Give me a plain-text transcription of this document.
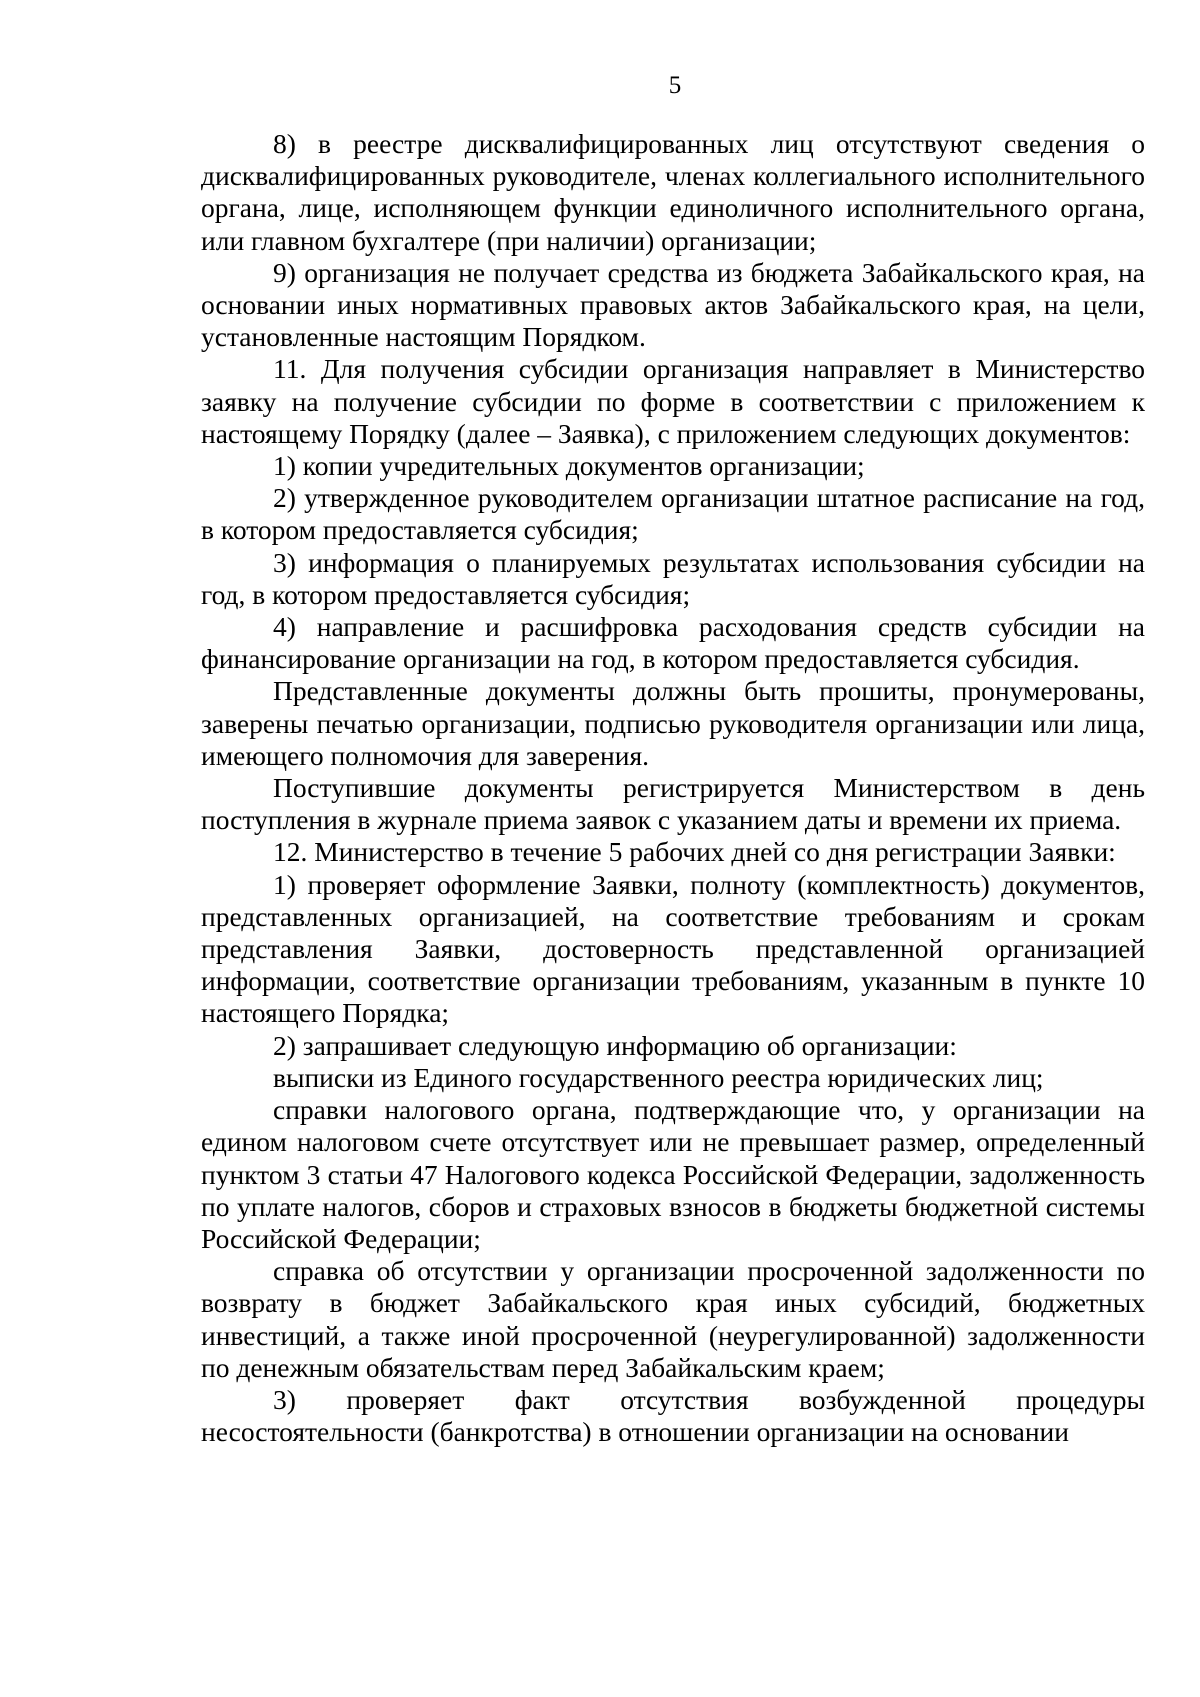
5

8) в реестре дисквалифицированных лиц отсутствуют сведения о дисквалифицированных руководителе, членах коллегиального исполнительного органа, лице, исполняющем функции единоличного исполнительного органа, или главном бухгалтере (при наличии) организации;

9) организация не получает средства из бюджета Забайкальского края, на основании иных нормативных правовых актов Забайкальского края, на цели, установленные настоящим Порядком.

11. Для получения субсидии организация направляет в Министерство заявку на получение субсидии по форме в соответствии с приложением к настоящему Порядку (далее – Заявка), с приложением следующих документов:

1) копии учредительных документов организации;

2) утвержденное руководителем организации штатное расписание на год, в котором предоставляется субсидия;

3) информация о планируемых результатах использования субсидии на год, в котором предоставляется субсидия;

4) направление и расшифровка расходования средств субсидии на финансирование организации на год, в котором предоставляется субсидия.

Представленные документы должны быть прошиты, пронумерованы, заверены печатью организации, подписью руководителя организации или лица, имеющего полномочия для заверения.

Поступившие документы регистрируется Министерством в день поступления в журнале приема заявок с указанием даты и времени их приема.

12. Министерство в течение 5 рабочих дней со дня регистрации Заявки:

1) проверяет оформление Заявки, полноту (комплектность) документов, представленных организацией, на соответствие требованиям и срокам представления Заявки, достоверность представленной организацией информации, соответствие организации требованиям, указанным в пункте 10 настоящего Порядка;

2) запрашивает следующую информацию об организации:

выписки из Единого государственного реестра юридических лиц;

справки налогового органа, подтверждающие что, у организации на едином налоговом счете отсутствует или не превышает размер, определенный пунктом 3 статьи 47 Налогового кодекса Российской Федерации, задолженность по уплате налогов, сборов и страховых взносов в бюджеты бюджетной системы Российской Федерации;

справка об отсутствии у организации просроченной задолженности по возврату в бюджет Забайкальского края иных субсидий, бюджетных инвестиций, а также иной просроченной (неурегулированной) задолженности по денежным обязательствам перед Забайкальским краем;

3) проверяет факт отсутствия возбужденной процедуры несостоятельности (банкротства) в отношении организации на основании
